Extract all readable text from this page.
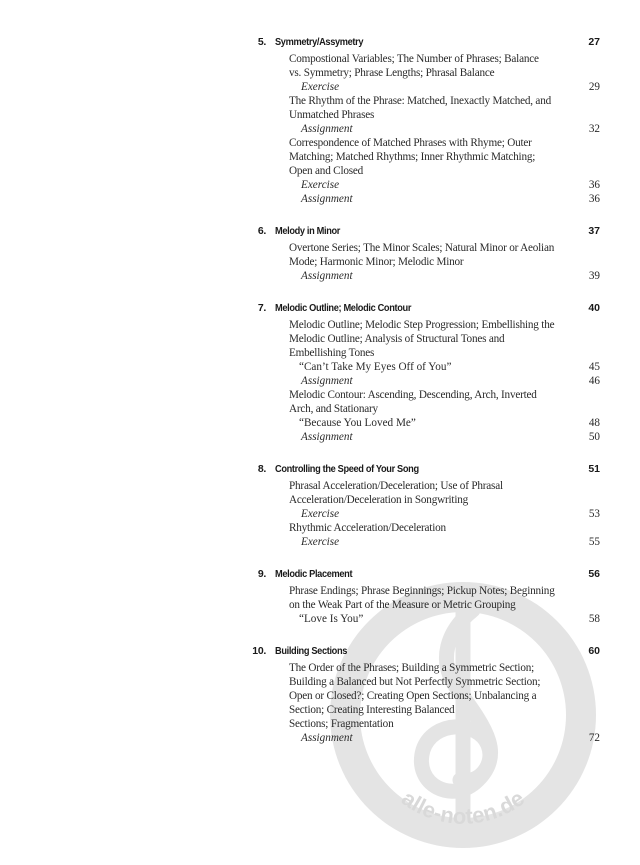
alle-noten.de
5. Symmetry/Assymetry	27
Compostional Variables; The Number of Phrases; Balance
vs. Symmetry; Phrase Lengths; Phrasal Balance
Exercise	29
The Rhythm of the Phrase: Matched, Inexactly Matched, and
Unmatched Phrases
Assignment	32
Correspondence of Matched Phrases with Rhyme; Outer
Matching; Matched Rhythms; Inner Rhythmic Matching;
Open and Closed
Exercise	36
Assignment	36
6. Melody in Minor	37
Overtone Series; The Minor Scales; Natural Minor or Aeolian
Mode; Harmonic Minor; Melodic Minor
Assignment	39
7. Melodic Outline; Melodic Contour	40
Melodic Outline; Melodic Step Progression; Embellishing the
Melodic Outline; Analysis of Structural Tones and
Embellishing Tones
“Can’t Take My Eyes Off of You”	45
Assignment	46
Melodic Contour: Ascending, Descending, Arch, Inverted
Arch, and Stationary
“Because You Loved Me”	48
Assignment	50
8. Controlling the Speed of Your Song	51
Phrasal Acceleration/Deceleration; Use of Phrasal
Acceleration/Deceleration in Songwriting
Exercise	53
Rhythmic Acceleration/Deceleration
Exercise	55
9. Melodic Placement	56
Phrase Endings; Phrase Beginnings; Pickup Notes; Beginning
on the Weak Part of the Measure or Metric Grouping
“Love Is You”	58
10. Building Sections	60
The Order of the Phrases; Building a Symmetric Section;
Building a Balanced but Not Perfectly Symmetric Section;
Open or Closed?; Creating Open Sections; Unbalancing a
Section; Creating Interesting Balanced
Sections; Fragmentation
Assignment	72
